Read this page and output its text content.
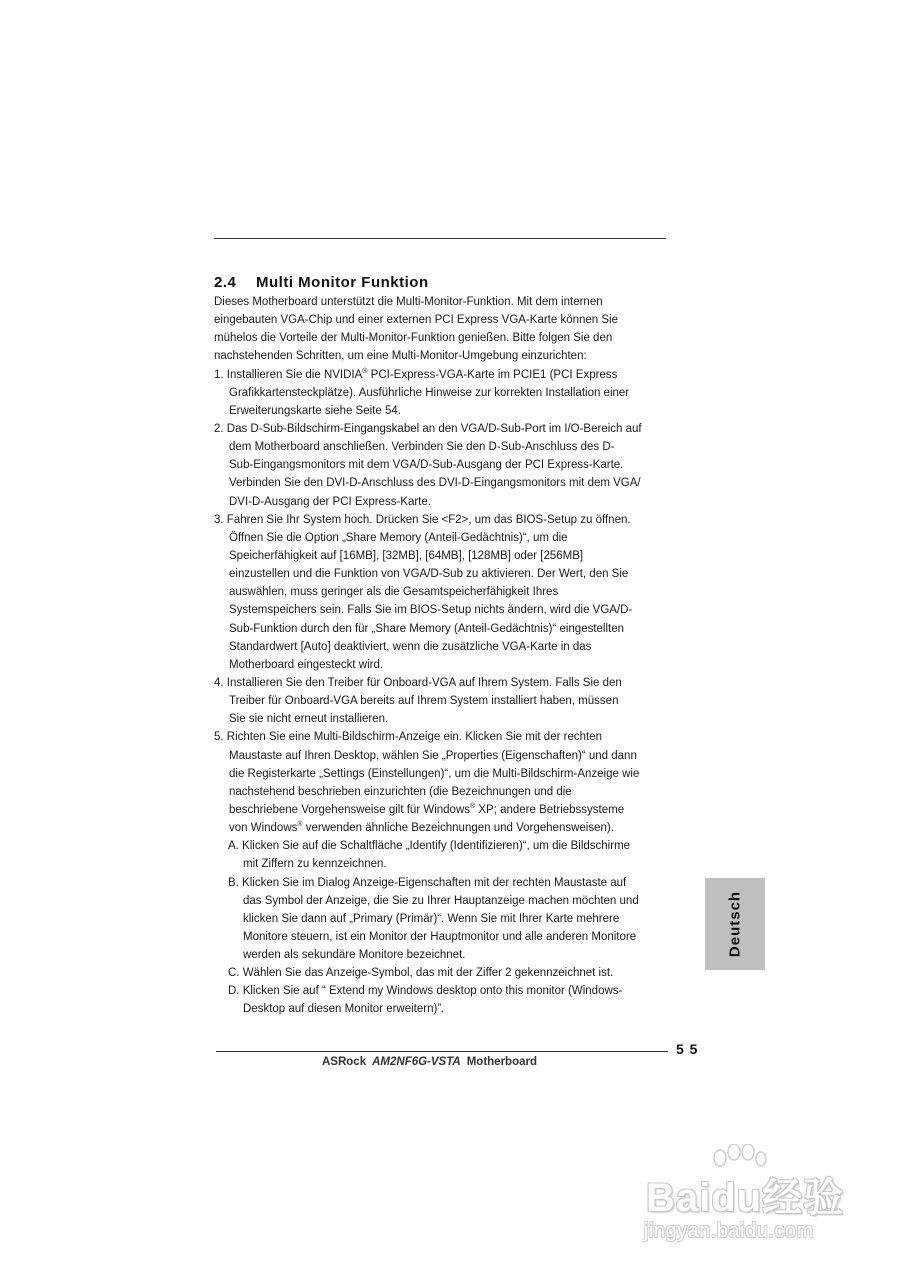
2.4 Multi Monitor Funktion
Dieses Motherboard unterstützt die Multi-Monitor-Funktion. Mit dem internen
eingebauten VGA-Chip und einer externen PCI Express VGA-Karte können Sie
mühelos die Vorteile der Multi-Monitor-Funktion genießen. Bitte folgen Sie den
nachstehenden Schritten, um eine Multi-Monitor-Umgebung einzurichten:
1. Installieren Sie die NVIDIA® PCI-Express-VGA-Karte im PCIE1 (PCI Express
Grafikkartensteckplätze). Ausführliche Hinweise zur korrekten Installation einer
Erweiterungskarte siehe Seite 54.
2. Das D-Sub-Bildschirm-Eingangskabel an den VGA/D-Sub-Port im I/O-Bereich auf
dem Motherboard anschließen. Verbinden Sie den D-Sub-Anschluss des D-
Sub-Eingangsmonitors mit dem VGA/D-Sub-Ausgang der PCI Express-Karte.
Verbinden Sie den DVI-D-Anschluss des DVI-D-Eingangsmonitors mit dem VGA/
DVI-D-Ausgang der PCI Express-Karte.
3. Fahren Sie Ihr System hoch. Drücken Sie <F2>, um das BIOS-Setup zu öffnen.
Öffnen Sie die Option „Share Memory (Anteil-Gedächtnis)“, um die
Speicherfähigkeit auf [16MB], [32MB], [64MB], [128MB] oder [256MB]
einzustellen und die Funktion von VGA/D-Sub zu aktivieren. Der Wert, den Sie
auswählen, muss geringer als die Gesamtspeicherfähigkeit Ihres
Systemspeichers sein. Falls Sie im BIOS-Setup nichts ändern, wird die VGA/D-
Sub-Funktion durch den für „Share Memory (Anteil-Gedächtnis)“ eingestellten
Standardwert [Auto] deaktiviert, wenn die zusätzliche VGA-Karte in das
Motherboard eingesteckt wird.
4. Installieren Sie den Treiber für Onboard-VGA auf Ihrem System. Falls Sie den
Treiber für Onboard-VGA bereits auf Ihrem System installiert haben, müssen
Sie sie nicht erneut installieren.
5. Richten Sie eine Multi-Bildschirm-Anzeige ein. Klicken Sie mit der rechten
Maustaste auf Ihren Desktop, wählen Sie „Properties (Eigenschaften)“ und dann
die Registerkarte „Settings (Einstellungen)“, um die Multi-Bildschirm-Anzeige wie
nachstehend beschrieben einzurichten (die Bezeichnungen und die
beschriebene Vorgehensweise gilt für Windows® XP; andere Betriebssysteme
von Windows® verwenden ähnliche Bezeichnungen und Vorgehensweisen).
A. Klicken Sie auf die Schaltfläche „Identify (Identifizieren)“, um die Bildschirme
mit Ziffern zu kennzeichnen.
B. Klicken Sie im Dialog Anzeige-Eigenschaften mit der rechten Maustaste auf
das Symbol der Anzeige, die Sie zu Ihrer Hauptanzeige machen möchten und
klicken Sie dann auf „Primary (Primär)“. Wenn Sie mit Ihrer Karte mehrere
Monitore steuern, ist ein Monitor der Hauptmonitor und alle anderen Monitore
werden als sekundäre Monitore bezeichnet.
C. Wählen Sie das Anzeige-Symbol, das mit der Ziffer 2 gekennzeichnet ist.
D. Klicken Sie auf “ Extend my Windows desktop onto this monitor (Windows-
Desktop auf diesen Monitor erweitern)”.
Deutsch
5 5
ASRock AM2NF6G-VSTA Motherboard
Baidu经验
jingyan.baidu.com
